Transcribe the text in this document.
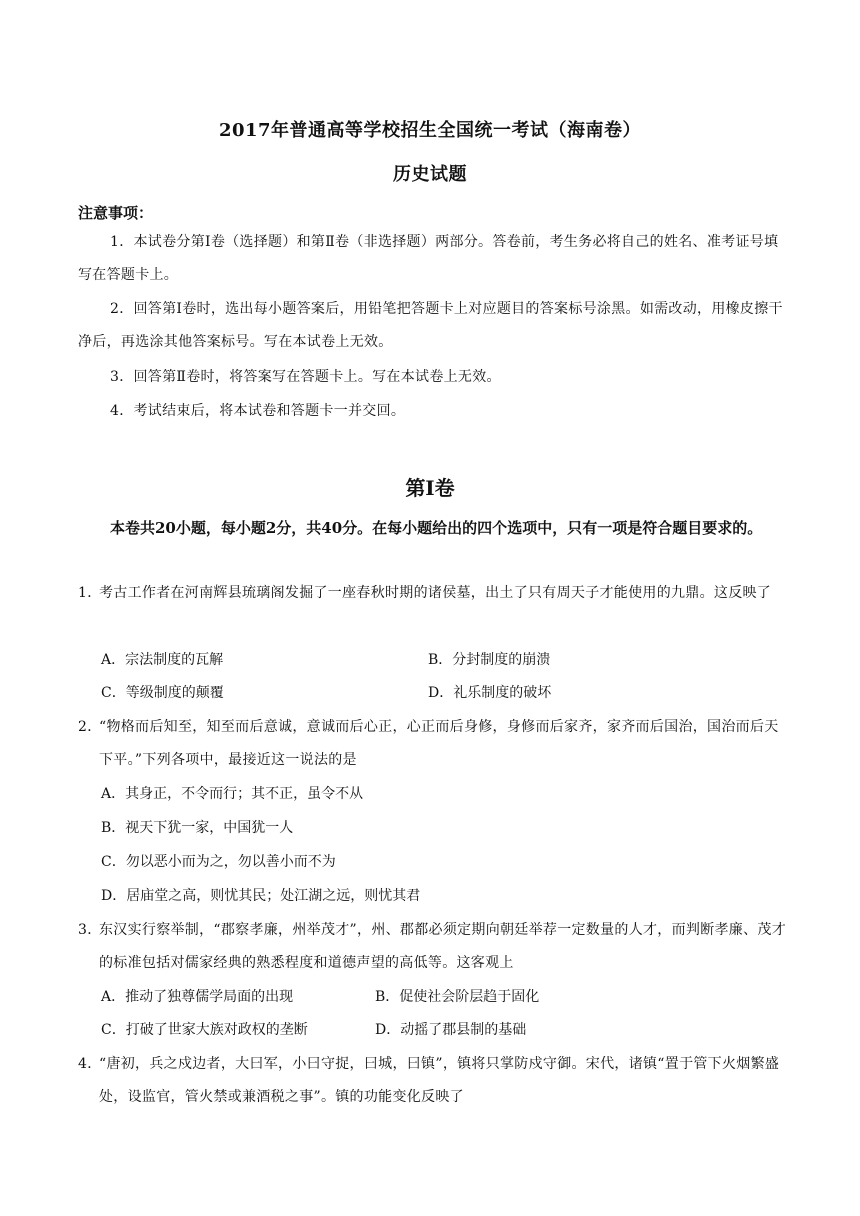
2017年普通高等学校招生全国统一考试（海南卷）
历史试题
注意事项：
1．本试卷分第Ⅰ卷（选择题）和第Ⅱ卷（非选择题）两部分。答卷前，考生务必将自己的姓名、准考证号填写在答题卡上。
2．回答第Ⅰ卷时，选出每小题答案后，用铅笔把答题卡上对应题目的答案标号涂黑。如需改动，用橡皮擦干净后，再选涂其他答案标号。写在本试卷上无效。
3．回答第Ⅱ卷时，将答案写在答题卡上。写在本试卷上无效。
4．考试结束后，将本试卷和答题卡一并交回。
第Ⅰ卷
本卷共20小题，每小题2分，共40分。在每小题给出的四个选项中，只有一项是符合题目要求的。
1．
考古工作者在河南辉县琉璃阁发掘了一座春秋时期的诸侯墓，出土了只有周天子才能使用的九鼎。这反映了
A．宗法制度的瓦解	B．分封制度的崩溃
C．等级制度的颠覆	D．礼乐制度的破坏
2．
“物格而后知至，知至而后意诚，意诚而后心正，心正而后身修，身修而后家齐，家齐而后国治，国治而后天下平。”下列各项中，最接近这一说法的是
A．其身正，不令而行；其不正，虽令不从
B．视天下犹一家，中国犹一人
C．勿以恶小而为之，勿以善小而不为
D．居庙堂之高，则忧其民；处江湖之远，则忧其君
3．
东汉实行察举制，“郡察孝廉，州举茂才”，州、郡都必须定期向朝廷举荐一定数量的人才，而判断孝廉、茂才的标准包括对儒家经典的熟悉程度和道德声望的高低等。这客观上
A．推动了独尊儒学局面的出现	B．促使社会阶层趋于固化
C．打破了世家大族对政权的垄断	D．动摇了郡县制的基础
4．
“唐初，兵之戍边者，大曰军，小曰守捉，曰城，曰镇”，镇将只掌防戍守御。宋代，诸镇“置于管下火烟繁盛处，设监官，管火禁或兼酒税之事”。镇的功能变化反映了
